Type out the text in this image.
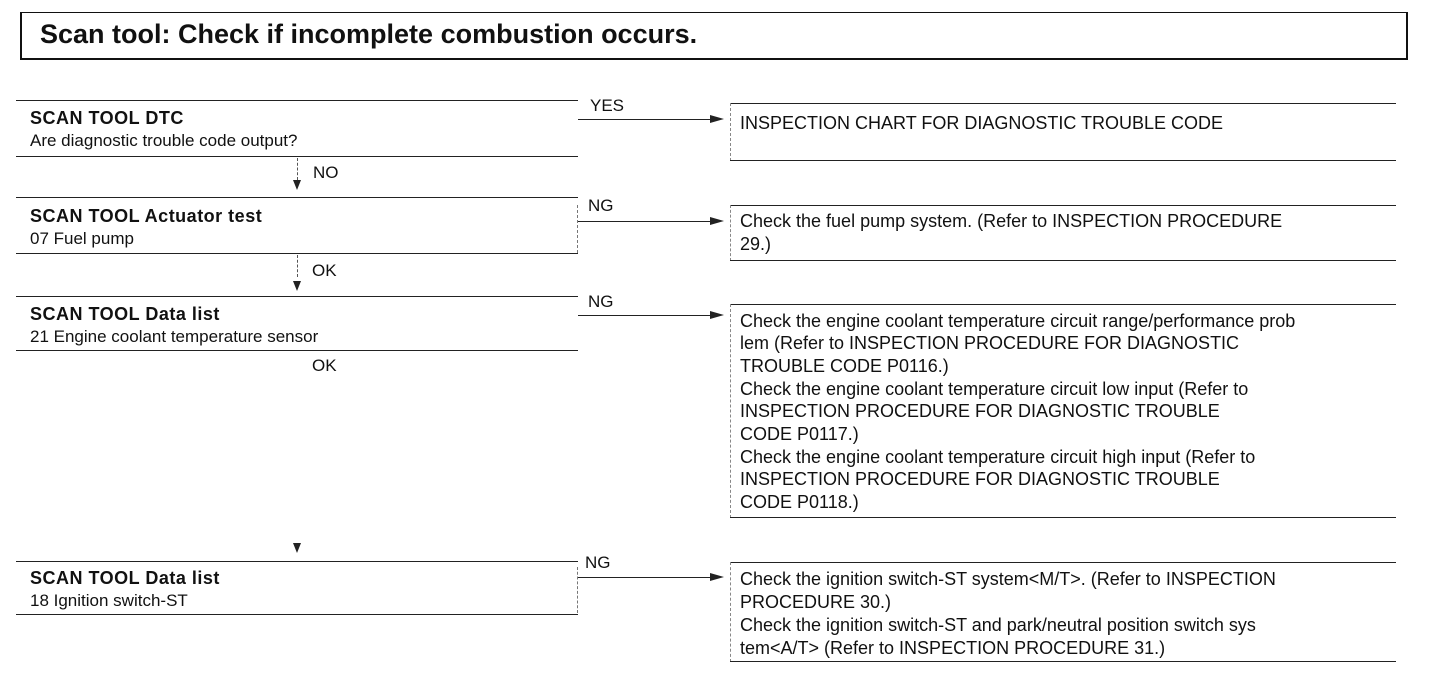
Scan tool: Check if incomplete combustion occurs.
SCAN TOOL DTC
Are diagnostic trouble code output?
YES
NO
SCAN TOOL Actuator test
07 Fuel pump
NG
OK
SCAN TOOL Data list
21 Engine coolant temperature sensor
NG
OK
SCAN TOOL Data list
18 Ignition switch-ST
NG
INSPECTION CHART FOR DIAGNOSTIC TROUBLE CODE
Check the fuel pump system. (Refer to INSPECTION PROCEDURE
29.)
Check the engine coolant temperature circuit range/performance prob
lem (Refer to INSPECTION PROCEDURE FOR DIAGNOSTIC
TROUBLE CODE P0116.)
Check the engine coolant temperature circuit low input (Refer to
INSPECTION PROCEDURE FOR DIAGNOSTIC TROUBLE
CODE P0117.)
Check the engine coolant temperature circuit high input (Refer to
INSPECTION PROCEDURE FOR DIAGNOSTIC TROUBLE
CODE P0118.)
Check the ignition switch-ST system<M/T>. (Refer to INSPECTION
PROCEDURE 30.)
Check the ignition switch-ST and park/neutral position switch sys
tem<A/T> (Refer to INSPECTION PROCEDURE 31.)
